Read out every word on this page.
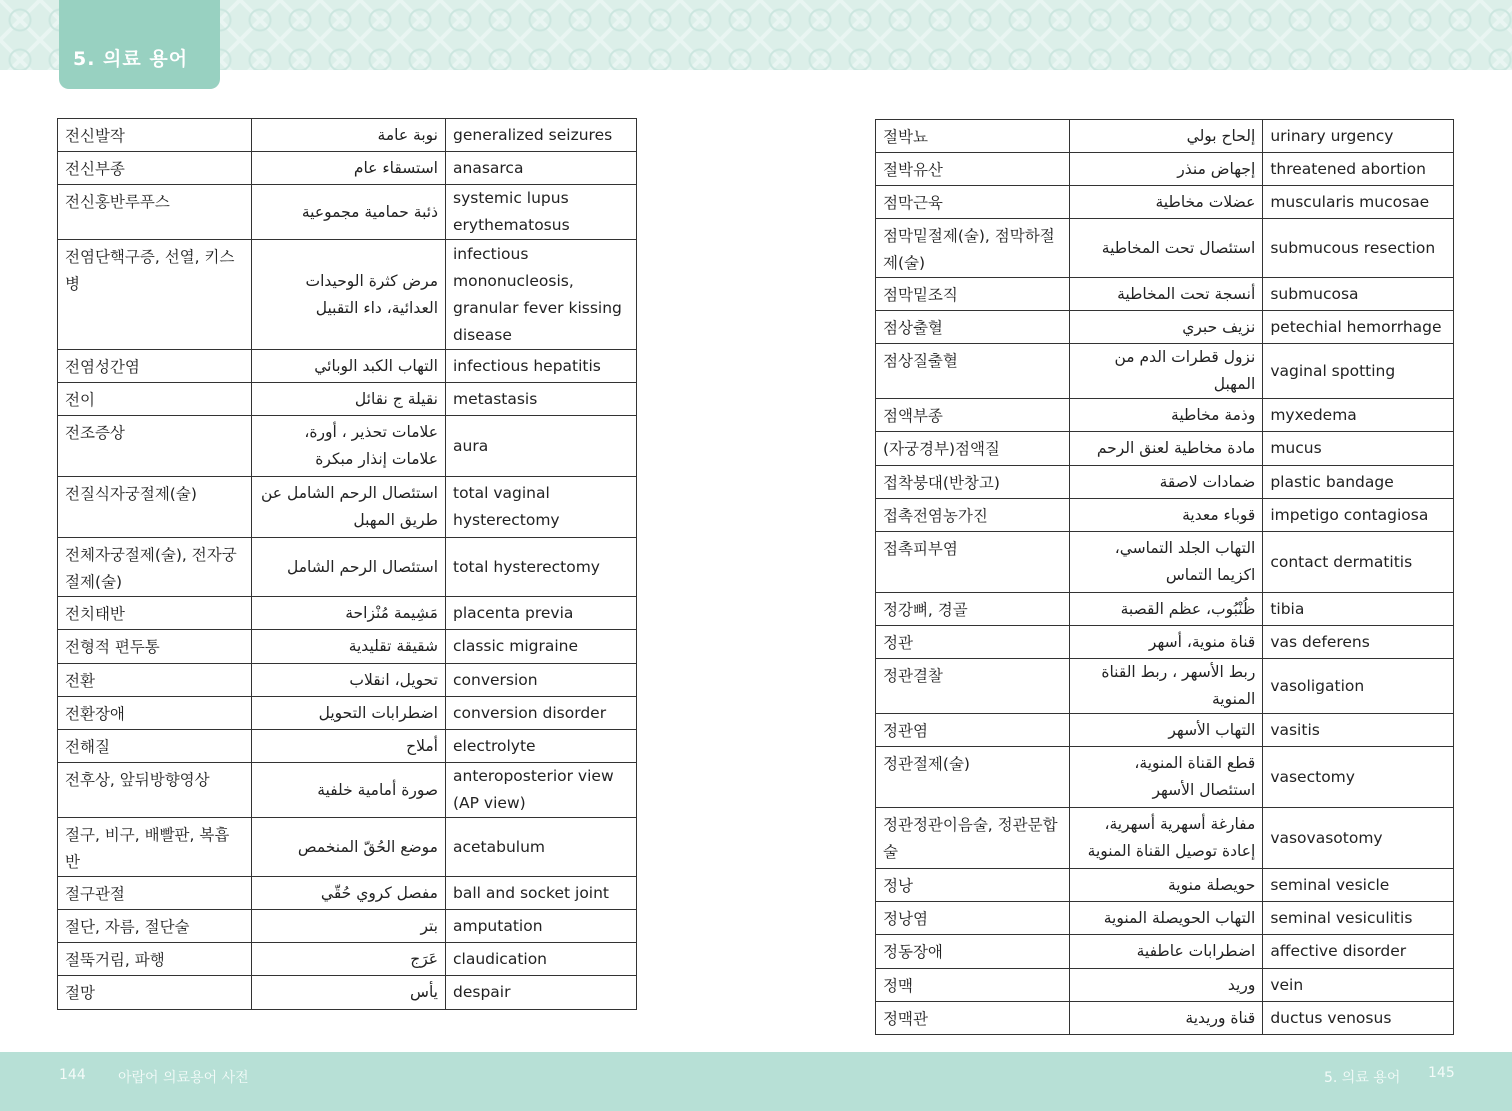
5. 의료 용어
전신발작	نوبة عامة	generalized seizures
전신부종	استسقاء عام	anasarca
전신홍반루푸스	ذئبة حمامية مجموعية	systemic lupus erythematosus
전염단핵구증, 선열, 키스병	مرض كثرة الوحيدات العدائية، داء التقبيل	infectious mononucleosis, granular fever kissing disease
전염성간염	التهاب الكبد الوبائي	infectious hepatitis
전이	نقيلة ج نقائل	metastasis
전조증상	علامات تحذير ، أورة، علامات إنذار مبكرة	aura
전질식자궁절제(술)	استئصال الرحم الشامل عن طريق المهبل	total vaginal hysterectomy
전체자궁절제(술), 전자궁절제(술)	استئصال الرحم الشامل	total hysterectomy
전치태반	مَشِيمة مُنْزاحة	placenta previa
전형적 편두통	شقيقة تقليدية	classic migraine
전환	تحويل، انقلاب	conversion
전환장애	اضطرابات التحويل	conversion disorder
전해질	أملاح	electrolyte
전후상, 앞뒤방향영상	صورة أمامية خلفية	anteroposterior view (AP view)
절구, 비구, 배빨판, 복흡반	موضع الحُقّ المنخمص	acetabulum
절구관절	مفصل كروي حُقّي	ball and socket joint
절단, 자름, 절단술	بتر	amputation
절뚝거림, 파행	عَرَج	claudication
절망	يأس	despair
절박뇨	إلحاح بولي	urinary urgency
절박유산	إجهاض منذر	threatened abortion
점막근육	عضلات مخاطية	muscularis mucosae
점막밑절제(술), 점막하절제(술)	استئصال تحت المخاطية	submucous resection
점막밑조직	أنسجة تحت المخاطية	submucosa
점상출혈	نزيف حبري	petechial hemorrhage
점상질출혈	نزول قطرات الدم من المهبل	vaginal spotting
점액부종	وذمة مخاطية	myxedema
(자궁경부)점액질	مادة مخاطية لعنق الرحم	mucus
접착붕대(반창고)	ضمادات لاصقة	plastic bandage
접촉전염농가진	قوباء معدية	impetigo contagiosa
접촉피부염	التهاب الجلد التماسي، اكزيما التماس	contact dermatitis
정강뼈, 경골	ظُنْبُوب، عظم القصبة	tibia
정관	قناة منوية، أسهر	vas deferens
정관결찰	ربط الأسهر ، ربط القناة المنوية	vasoligation
정관염	التهاب الأسهر	vasitis
정관절제(술)	قطع القناة المنوية، استئصال الأسهر	vasectomy
정관정관이음술, 정관문합술	مفارغة أسهرية أسهرية، إعادة توصيل القناة المنوية	vasovasotomy
정낭	حويصلة منوية	seminal vesicle
정낭염	التهاب الحويصلة المنوية	seminal vesiculitis
정동장애	اضطرابات عاطفية	affective disorder
정맥	وريد	vein
정맥관	قناة وريدية	ductus venosus
144 아랍어 의료용어 사전	5. 의료 용어 145
